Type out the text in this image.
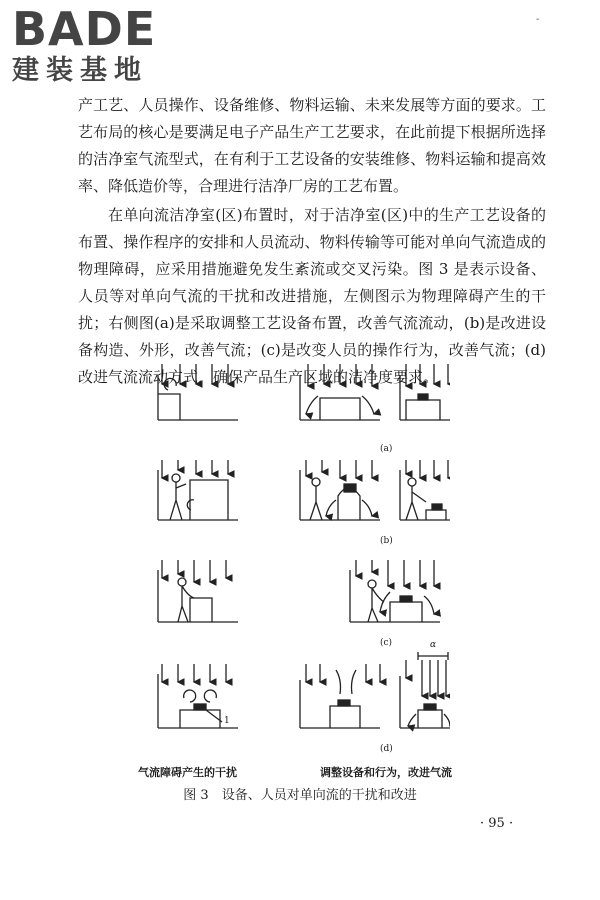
BADE
建装基地
-

产工艺、人员操作、设备维修、物料运输、未来发展等方面的要求。工艺布局的核心是要满足电子产品生产工艺要求，在此前提下根据所选择的洁净室气流型式，在有利于工艺设备的安装维修、物料运输和提高效率、降低造价等，合理进行洁净厂房的工艺布置。

在单向流洁净室(区)布置时，对于洁净室(区)中的生产工艺设备的布置、操作程序的安排和人员流动、物料传输等可能对单向气流造成的物理障碍，应采用措施避免发生紊流或交叉污染。图 3 是表示设备、人员等对单向气流的干扰和改进措施，左侧图示为物理障碍产生的干扰；右侧图(a)是采取调整工艺设备布置，改善气流流动，(b)是改进设备构造、外形，改善气流；(c)是改变人员的操作行为，改善气流；(d)改进气流流动方式，确保产品生产区域的洁净度要求。

(a)
(b)
(c)
(d)
1
α
气流障碍产生的干扰	调整设备和行为，改进气流
图 3　设备、人员对单向流的干扰和改进
· 95 ·
